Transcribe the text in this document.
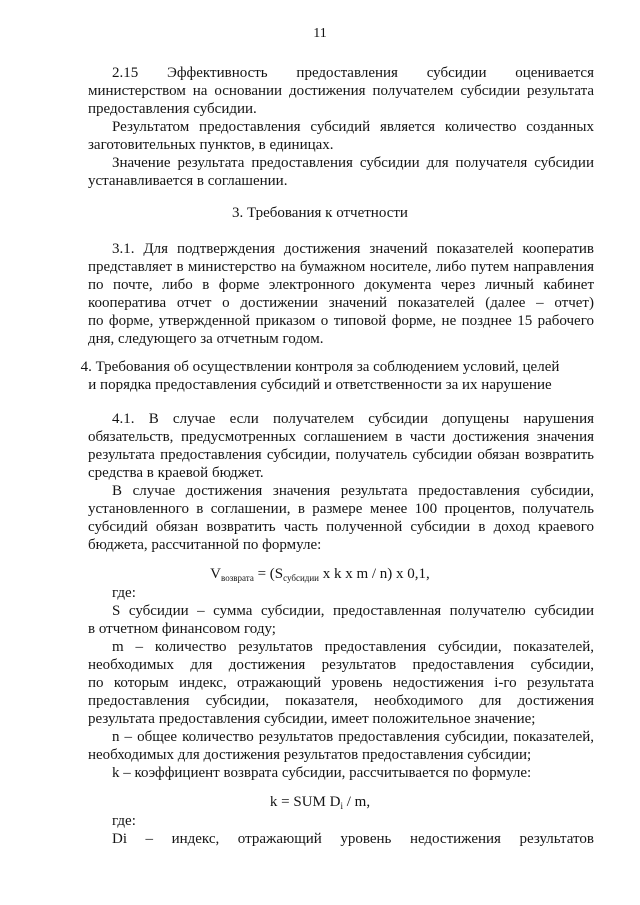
11
2.15 Эффективность предоставления субсидии оценивается
министерством на основании достижения получателем субсидии результата
предоставления субсидии.
Результатом предоставления субсидий является количество созданных
заготовительных пунктов, в единицах.
Значение результата предоставления субсидии для получателя субсидии
устанавливается в соглашении.
3. Требования к отчетности
3.1. Для подтверждения достижения значений показателей кооператив
представляет в министерство на бумажном носителе, либо путем направления
по почте, либо в форме электронного документа через личный кабинет
кооператива отчет о достижении значений показателей (далее – отчет)
по форме, утвержденной приказом о типовой форме, не позднее 15 рабочего
дня, следующего за отчетным годом.
4. Требования об осуществлении контроля за соблюдением условий, целей
и порядка предоставления субсидий и ответственности за их нарушение
4.1. В случае если получателем субсидии допущены нарушения
обязательств, предусмотренных соглашением в части достижения значения
результата предоставления субсидии, получатель субсидии обязан возвратить
средства в краевой бюджет.
В случае достижения значения результата предоставления субсидии,
установленного в соглашении, в размере менее 100 процентов, получатель
субсидий обязан возвратить часть полученной субсидии в доход краевого
бюджета, рассчитанной по формуле:
$V_{возврата} = (S_{субсидии}$ x k x m / n) x 0,1,
где:
S субсидии – сумма субсидии, предоставленная получателю субсидии
в отчетном финансовом году;
m – количество результатов предоставления субсидии, показателей,
необходимых для достижения результатов предоставления субсидии,
по которым индекс, отражающий уровень недостижения i-го результата
предоставления субсидии, показателя, необходимого для достижения
результата предоставления субсидии, имеет положительное значение;
n – общее количество результатов предоставления субсидии, показателей,
необходимых для достижения результатов предоставления субсидии;
k – коэффициент возврата субсидии, рассчитывается по формуле:
k = SUM $D_i$ / m,
где:
Di – индекс, отражающий уровень недостижения результатов
